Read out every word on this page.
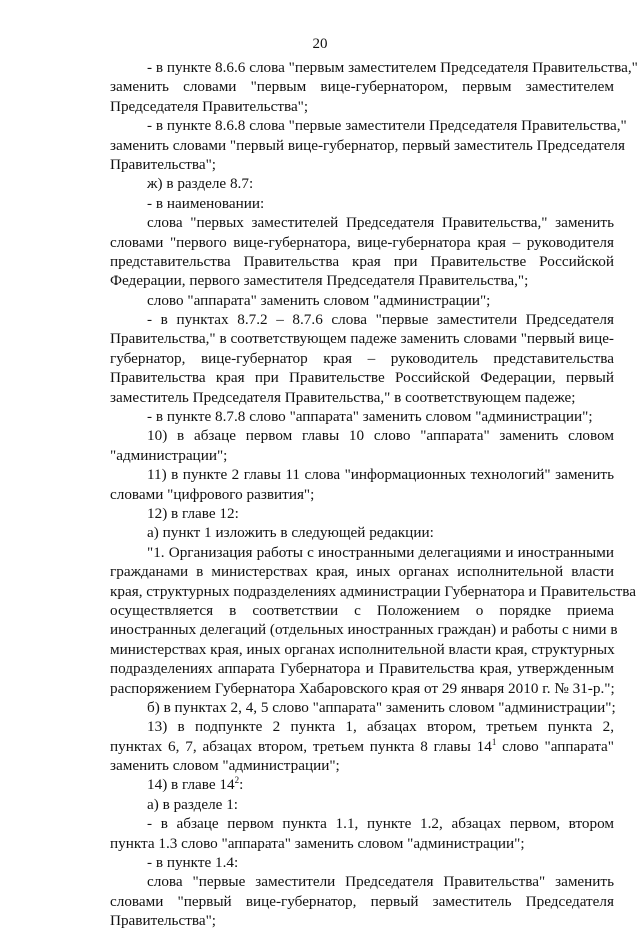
20
- в пункте 8.6.6 слова "первым заместителем Председателя Правительства,"
заменить словами "первым вице-губернатором, первым заместителем
Председателя Правительства";
- в пункте 8.6.8 слова "первые заместители Председателя Правительства,"
заменить словами "первый вице-губернатор, первый заместитель Председателя
Правительства";
ж) в разделе 8.7:
- в наименовании:
слова "первых заместителей Председателя Правительства," заменить
словами "первого вице-губернатора, вице-губернатора края – руководителя
представительства Правительства края при Правительстве Российской
Федерации, первого заместителя Председателя Правительства,";
слово "аппарата" заменить словом "администрации";
- в пунктах 8.7.2 – 8.7.6 слова "первые заместители Председателя
Правительства," в соответствующем падеже заменить словами "первый вице-
губернатор, вице-губернатор края – руководитель представительства
Правительства края при Правительстве Российской Федерации, первый
заместитель Председателя Правительства," в соответствующем падеже;
- в пункте 8.7.8 слово "аппарата" заменить словом "администрации";
10) в абзаце первом главы 10 слово "аппарата" заменить словом
"администрации";
11) в пункте 2 главы 11 слова "информационных технологий" заменить
словами "цифрового развития";
12) в главе 12:
а) пункт 1 изложить в следующей редакции:
"1. Организация работы с иностранными делегациями и иностранными
гражданами в министерствах края, иных органах исполнительной власти
края, структурных подразделениях администрации Губернатора и Правительства
осуществляется в соответствии с Положением о порядке приема
иностранных делегаций (отдельных иностранных граждан) и работы с ними в
министерствах края, иных органах исполнительной власти края, структурных
подразделениях аппарата Губернатора и Правительства края, утвержденным
распоряжением Губернатора Хабаровского края от 29 января 2010 г. № 31-р.";
б) в пунктах 2, 4, 5 слово "аппарата" заменить словом "администрации";
13) в подпункте 2 пункта 1, абзацах втором, третьем пункта 2,
пунктах 6, 7, абзацах втором, третьем пункта 8 главы $14^1$ слово "аппарата"
заменить словом "администрации";
14) в главе $14^2$:
а) в разделе 1:
- в абзаце первом пункта 1.1, пункте 1.2, абзацах первом, втором
пункта 1.3 слово "аппарата" заменить словом "администрации";
- в пункте 1.4:
слова "первые заместители Председателя Правительства" заменить
словами "первый вице-губернатор, первый заместитель Председателя
Правительства";
